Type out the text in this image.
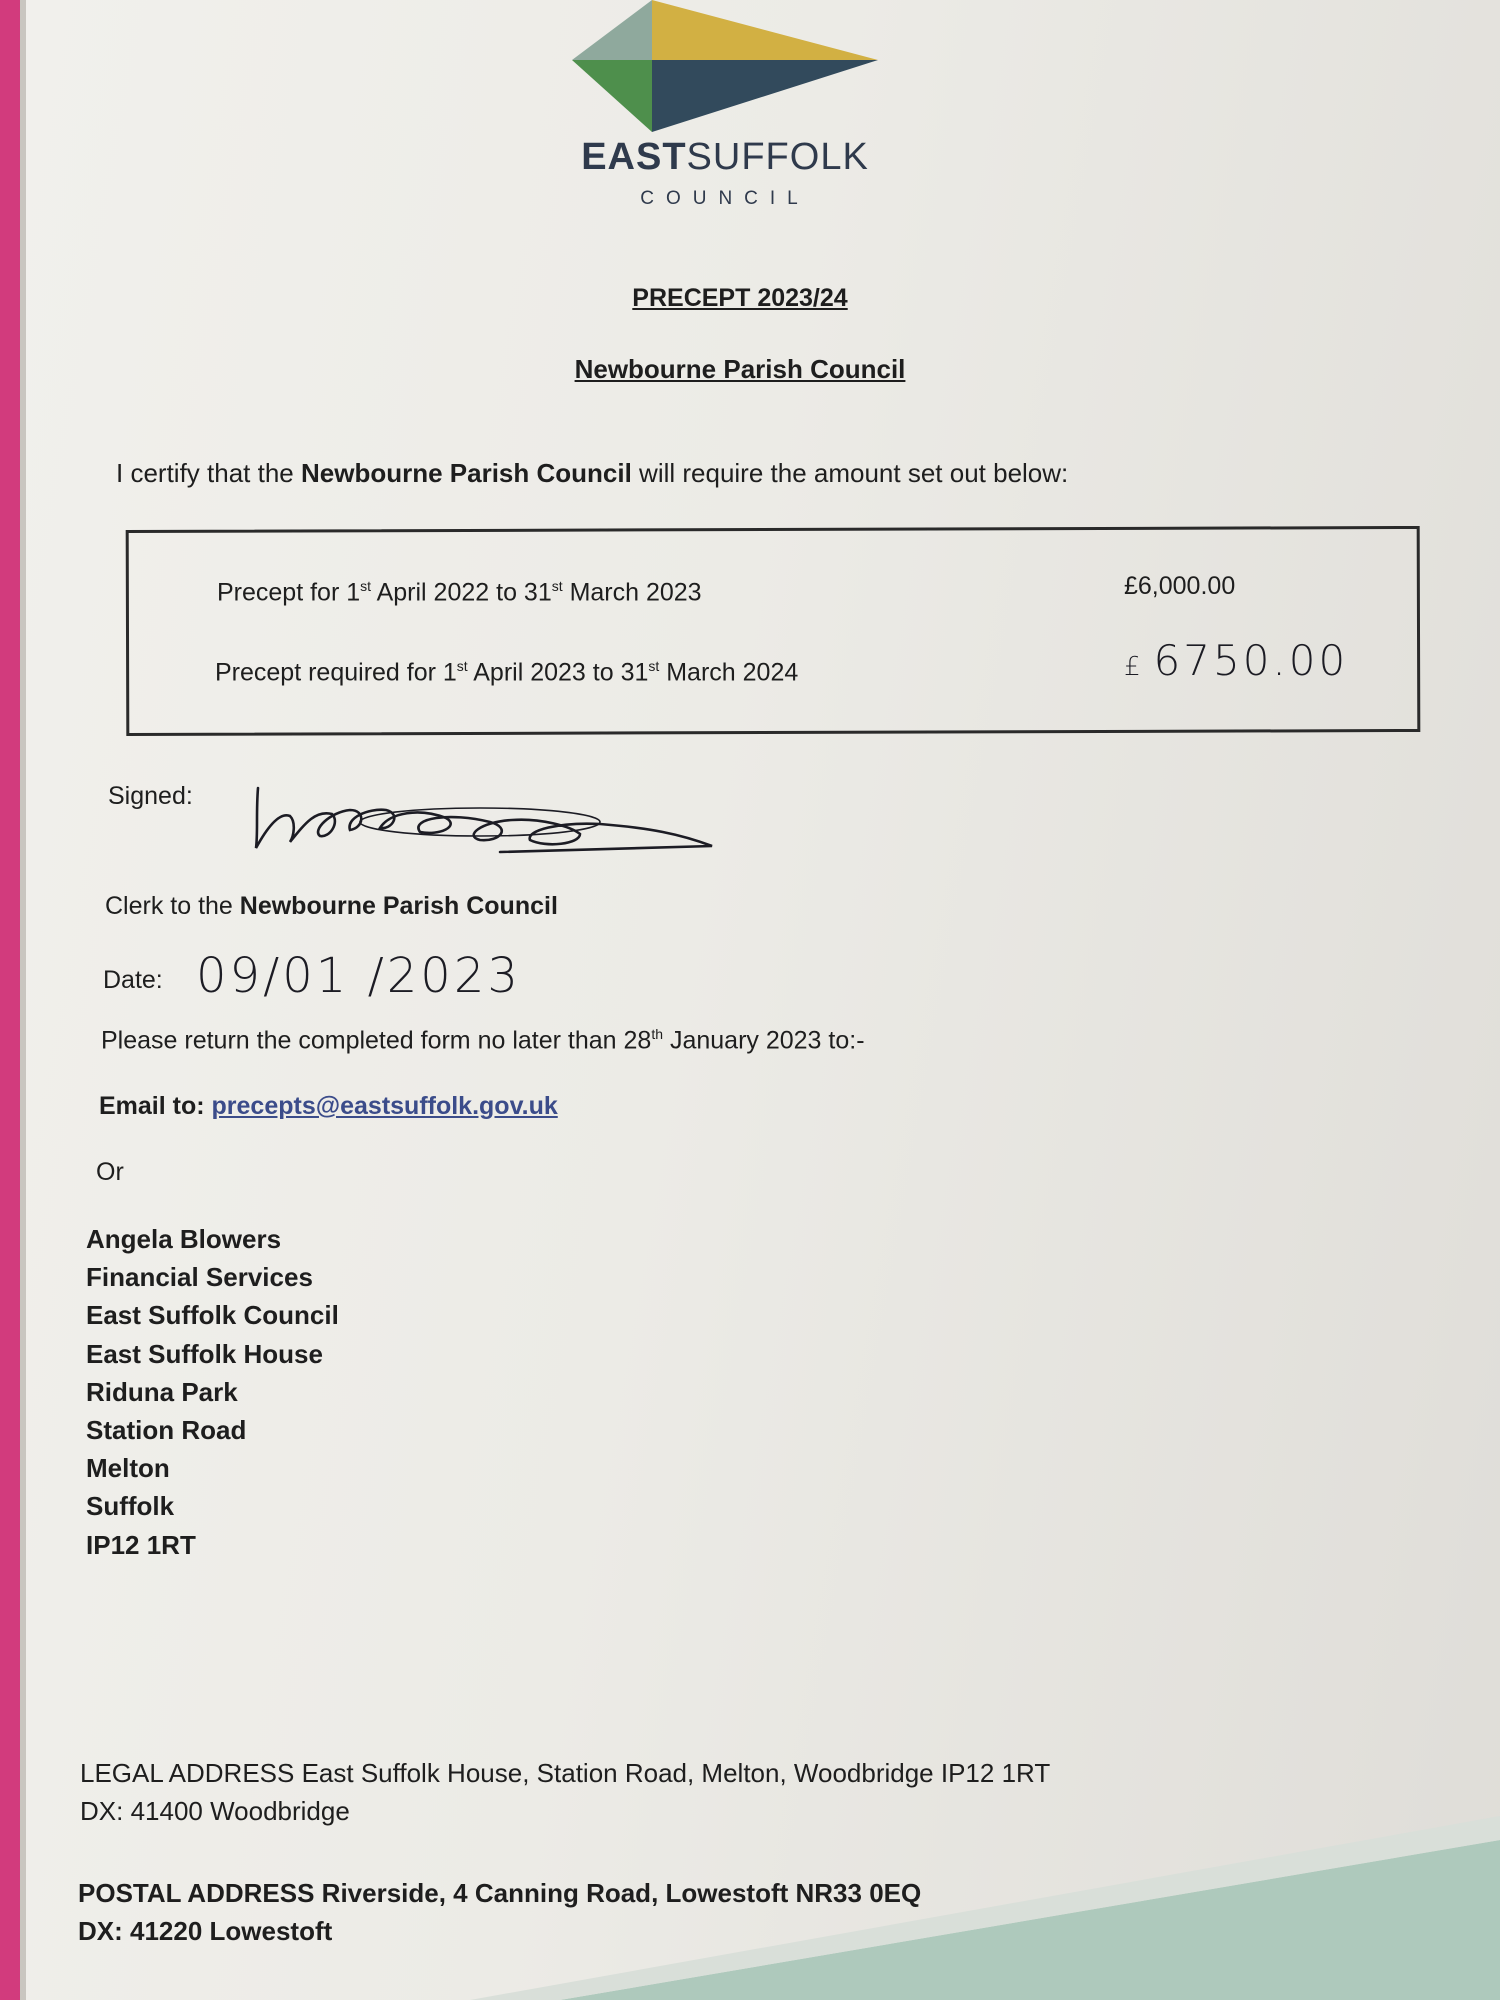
EASTSUFFOLK
COUNCIL
PRECEPT 2023/24
Newbourne Parish Council
I certify that the Newbourne Parish Council will require the amount set out below:
Precept for 1st April 2022 to 31st March 2023	£6,000.00
Precept required for 1st April 2023 to 31st March 2024	£ 6750.00
Signed:
Clerk to the Newbourne Parish Council
Date: 09/01 /2023
Please return the completed form no later than 28th January 2023 to:-
Email to: precepts@eastsuffolk.gov.uk
Or
Angela Blowers
Financial Services
East Suffolk Council
East Suffolk House
Riduna Park
Station Road
Melton
Suffolk
IP12 1RT
LEGAL ADDRESS East Suffolk House, Station Road, Melton, Woodbridge IP12 1RT
DX: 41400 Woodbridge
POSTAL ADDRESS Riverside, 4 Canning Road, Lowestoft NR33 0EQ
DX: 41220 Lowestoft
